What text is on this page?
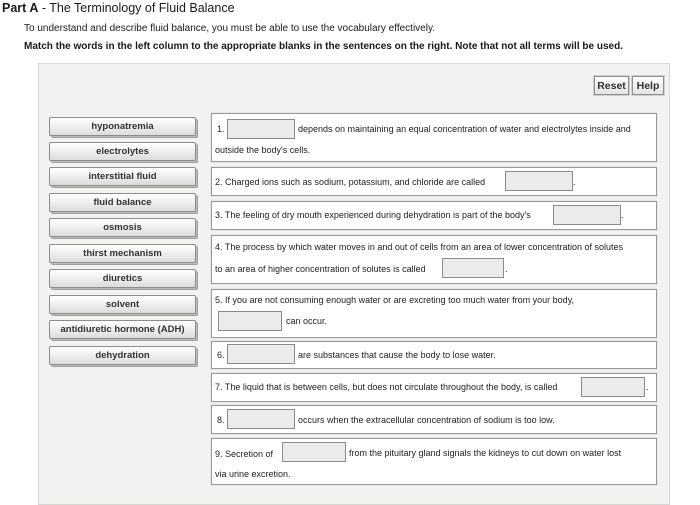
Part A - The Terminology of Fluid Balance
To understand and describe fluid balance, you must be able to use the vocabulary effectively.
Match the words in the left column to the appropriate blanks in the sentences on the right. Note that not all terms will be used.
Reset	Help
hyponatremia
electrolytes
interstitial fluid
fluid balance
osmosis
thirst mechanism
diuretics
solvent
antidiuretic hormone (ADH)
dehydration
1.	depends on maintaining an equal concentration of water and electrolytes inside and
outside the body's cells.
2. Charged ions such as sodium, potassium, and chloride are called	.
3. The feeling of dry mouth experienced during dehydration is part of the body's	.
4. The process by which water moves in and out of cells from an area of lower concentration of solutes
to an area of higher concentration of solutes is called	.
5. If you are not consuming enough water or are excreting too much water from your body,
can occur.
6.	are substances that cause the body to lose water.
7. The liquid that is between cells, but does not circulate throughout the body, is called	.
8.	occurs when the extracellular concentration of sodium is too low.
9. Secretion of	from the pituitary gland signals the kidneys to cut down on water lost
via urine excretion.
